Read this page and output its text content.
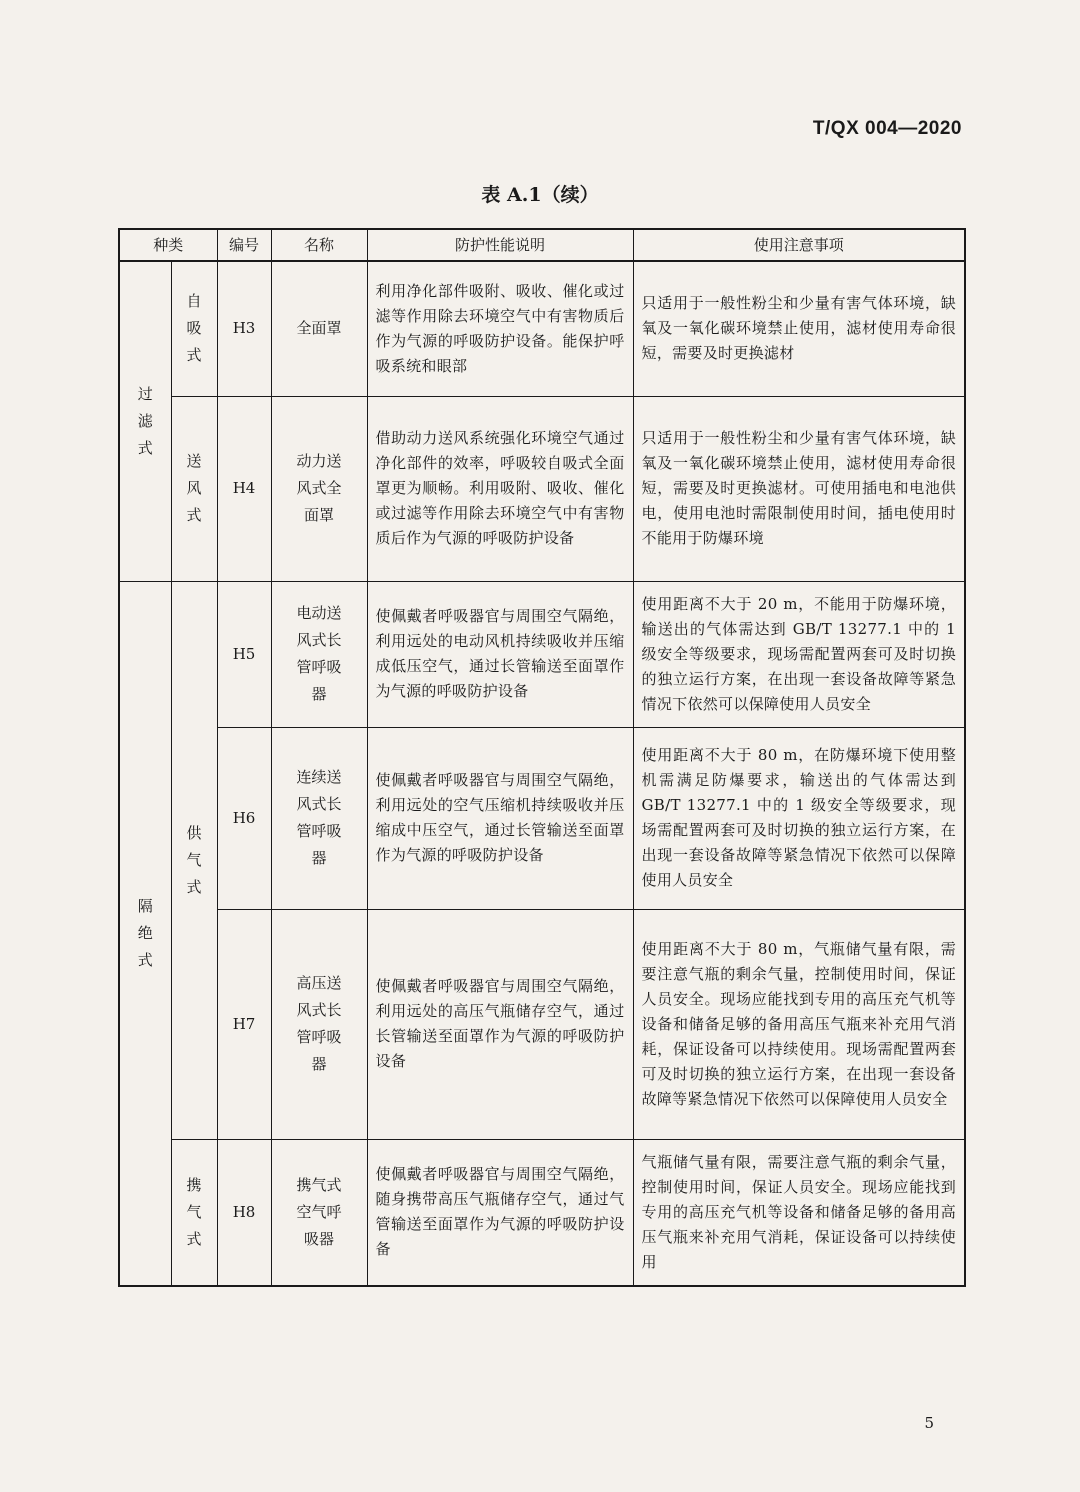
T/QX 004—2020
表 A.1（续）
种类		编号	名称	防护性能说明	使用注意事项
过滤式	自吸式	H3	全面罩	利用净化部件吸附、吸收、催化或过滤等作用除去环境空气中有害物质后作为气源的呼吸防护设备。能保护呼吸系统和眼部	只适用于一般性粉尘和少量有害气体环境，缺氧及一氧化碳环境禁止使用，滤材使用寿命很短，需要及时更换滤材
	送风式	H4	动力送风式全面罩	借助动力送风系统强化环境空气通过净化部件的效率，呼吸较自吸式全面罩更为顺畅。利用吸附、吸收、催化或过滤等作用除去环境空气中有害物质后作为气源的呼吸防护设备	只适用于一般性粉尘和少量有害气体环境，缺氧及一氧化碳环境禁止使用，滤材使用寿命很短，需要及时更换滤材。可使用插电和电池供电，使用电池时需限制使用时间，插电使用时不能用于防爆环境
隔绝式	供气式	H5	电动送风式长管呼吸器	使佩戴者呼吸器官与周围空气隔绝，利用远处的电动风机持续吸收并压缩成低压空气，通过长管输送至面罩作为气源的呼吸防护设备	使用距离不大于 20 m，不能用于防爆环境，输送出的气体需达到 GB/T 13277.1 中的 1 级安全等级要求，现场需配置两套可及时切换的独立运行方案，在出现一套设备故障等紧急情况下依然可以保障使用人员安全
		H6	连续送风式长管呼吸器	使佩戴者呼吸器官与周围空气隔绝，利用远处的空气压缩机持续吸收并压缩成中压空气，通过长管输送至面罩作为气源的呼吸防护设备	使用距离不大于 80 m，在防爆环境下使用整机需满足防爆要求，输送出的气体需达到 GB/T 13277.1 中的 1 级安全等级要求，现场需配置两套可及时切换的独立运行方案，在出现一套设备故障等紧急情况下依然可以保障使用人员安全
		H7	高压送风式长管呼吸器	使佩戴者呼吸器官与周围空气隔绝，利用远处的高压气瓶储存空气，通过长管输送至面罩作为气源的呼吸防护设备	使用距离不大于 80 m，气瓶储气量有限，需要注意气瓶的剩余气量，控制使用时间，保证人员安全。现场应能找到专用的高压充气机等设备和储备足够的备用高压气瓶来补充用气消耗，保证设备可以持续使用。现场需配置两套可及时切换的独立运行方案，在出现一套设备故障等紧急情况下依然可以保障使用人员安全
	携气式	H8	携气式空气呼吸器	使佩戴者呼吸器官与周围空气隔绝，随身携带高压气瓶储存空气，通过气管输送至面罩作为气源的呼吸防护设备	气瓶储气量有限，需要注意气瓶的剩余气量，控制使用时间，保证人员安全。现场应能找到专用的高压充气机等设备和储备足够的备用高压气瓶来补充用气消耗，保证设备可以持续使用
5
